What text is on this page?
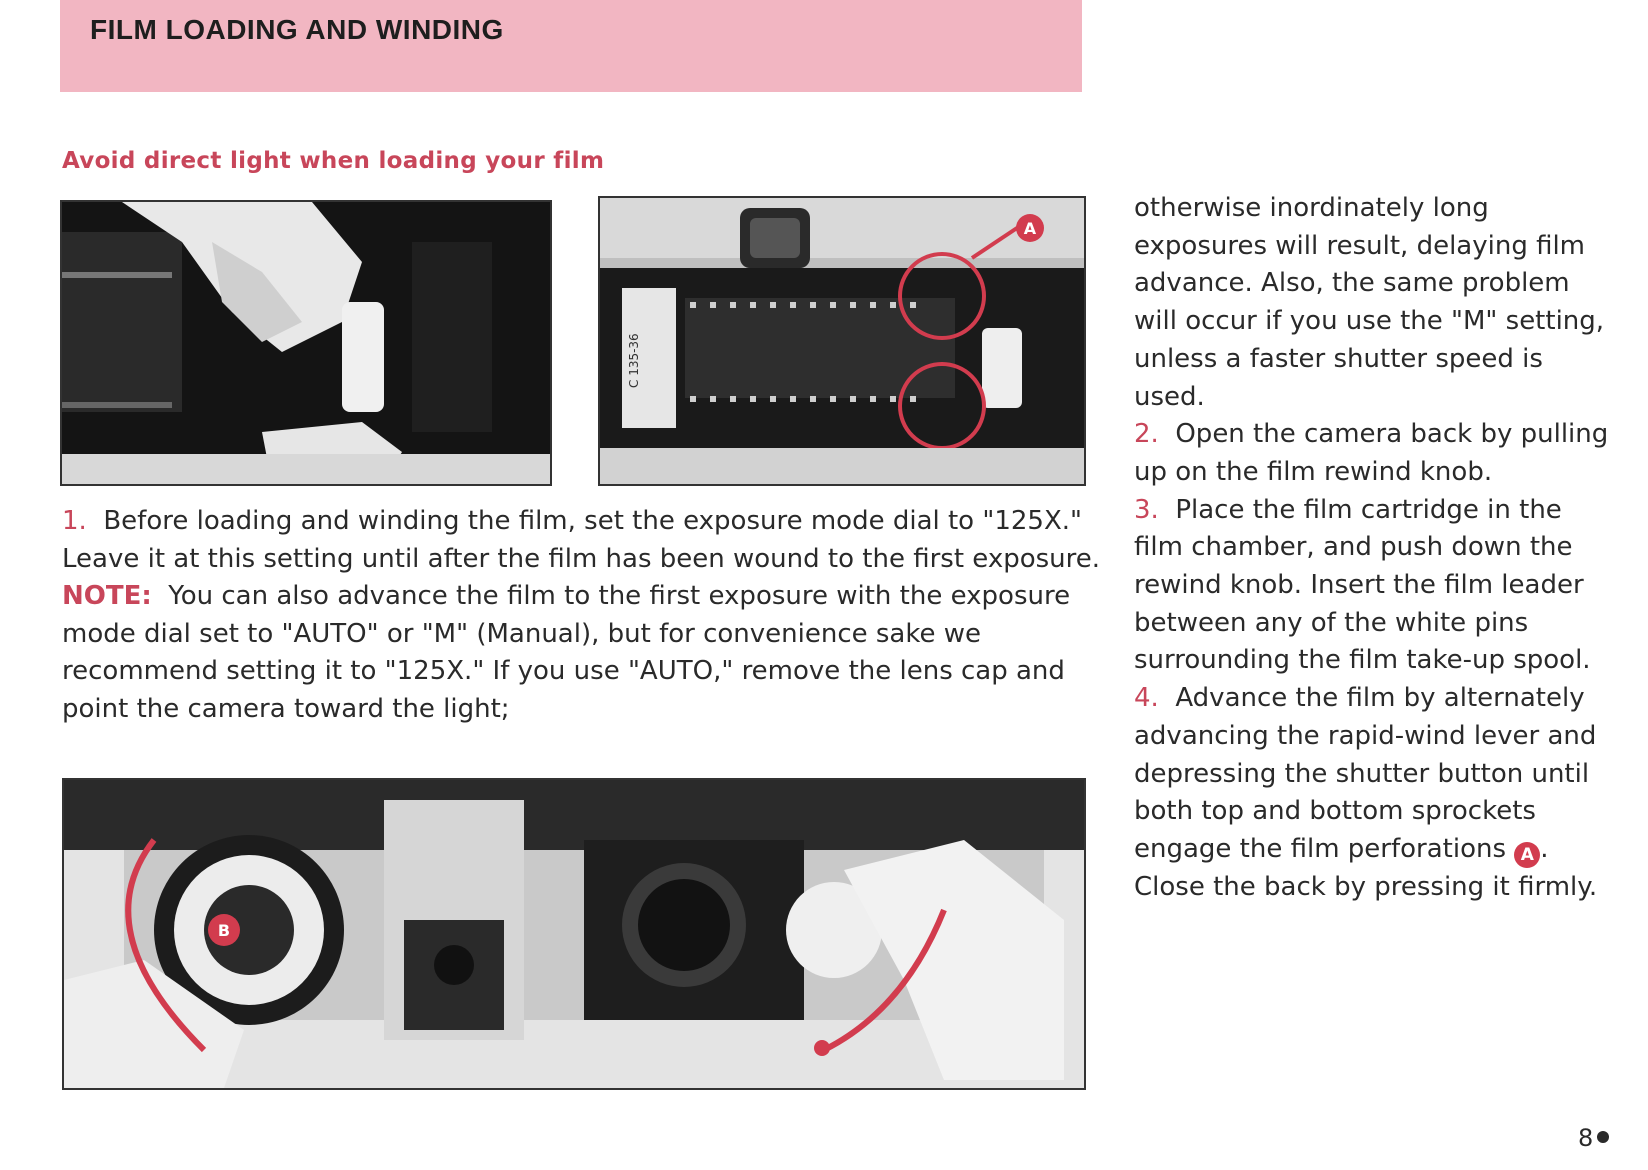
FILM LOADING AND WINDING
Avoid direct light when loading your film
A
C 135-36
B

1. Before loading and winding the film, set the exposure mode dial to "125X." Leave it at this setting until after the film has been wound to the first exposure.

NOTE: You can also advance the film to the first exposure with the exposure mode dial set to "AUTO" or "M" (Manual), but for convenience sake we recommend setting it to "125X." If you use "AUTO," remove the lens cap and point the camera toward the light;

otherwise inordinately long exposures will result, delaying film advance. Also, the same problem will occur if you use the "M" setting, unless a faster shutter speed is used.

2. Open the camera back by pulling up on the film rewind knob.

3. Place the film cartridge in the film chamber, and push down the rewind knob. Insert the film leader between any of the white pins surrounding the film take-up spool.

4. Advance the film by alternately advancing the rapid-wind lever and depressing the shutter button until both top and bottom sprockets engage the film perforations A .

Close the back by pressing it firmly.

8
